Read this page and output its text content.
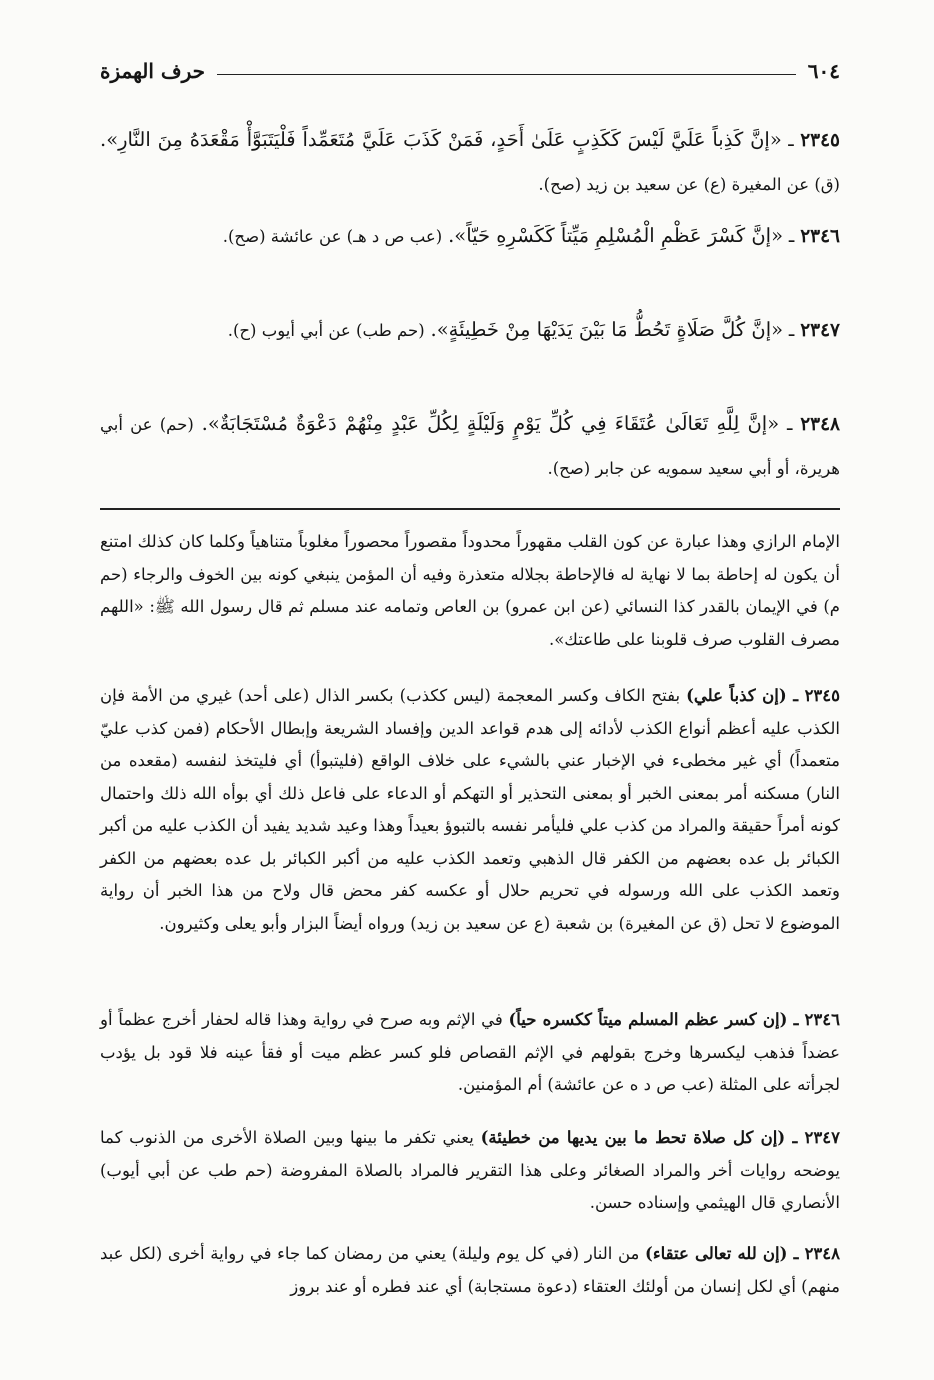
٦٠٤
حرف الهمزة
٢٣٤٥ ـ «إنَّ كَذِباً عَلَيَّ لَيْسَ كَكَذِبٍ عَلَىٰ أَحَدٍ، فَمَنْ كَذَبَ عَلَيَّ مُتَعَمِّداً فَلْيَتَبَوَّأْ مَقْعَدَهُ مِنَ النَّارِ». (ق) عن المغيرة (ع) عن سعيد بن زيد (صح).
٢٣٤٦ ـ «إنَّ كَسْرَ عَظْمِ الْمُسْلِمِ مَيِّتاً كَكَسْرِهِ حَيّاً». (عب ص د هـ) عن عائشة (صح).
٢٣٤٧ ـ «إنَّ كُلَّ صَلَاةٍ تَحُطُّ مَا بَيْنَ يَدَيْهَا مِنْ خَطِيئَةٍ». (حم طب) عن أبي أيوب (ح).
٢٣٤٨ ـ «إنَّ لِلَّهِ تَعَالَىٰ عُتَقَاءَ فِي كُلِّ يَوْمٍ وَلَيْلَةٍ لِكُلِّ عَبْدٍ مِنْهُمْ دَعْوَةٌ مُسْتَجَابَةٌ». (حم) عن أبي هريرة، أو أبي سعيد سمويه عن جابر (صح).
الإمام الرازي وهذا عبارة عن كون القلب مقهوراً محدوداً مقصوراً محصوراً مغلوباً متناهياً وكلما كان كذلك امتنع أن يكون له إحاطة بما لا نهاية له فالإحاطة بجلاله متعذرة وفيه أن المؤمن ينبغي كونه بين الخوف والرجاء (حم م) في الإيمان بالقدر كذا النسائي (عن ابن عمرو) بن العاص وتمامه عند مسلم ثم قال رسول الله ﷺ: «اللهم مصرف القلوب صرف قلوبنا على طاعتك».
٢٣٤٥ ـ (إن كذباً علي) بفتح الكاف وكسر المعجمة (ليس ككذب) بكسر الذال (على أحد) غيري من الأمة فإن الكذب عليه أعظم أنواع الكذب لأدائه إلى هدم قواعد الدين وإفساد الشريعة وإبطال الأحكام (فمن كذب عليّ متعمداً) أي غير مخطىء في الإخبار عني بالشيء على خلاف الواقع (فليتبوأ) أي فليتخذ لنفسه (مقعده من النار) مسكنه أمر بمعنى الخبر أو بمعنى التحذير أو التهكم أو الدعاء على فاعل ذلك أي بوأه الله ذلك واحتمال كونه أمراً حقيقة والمراد من كذب علي فليأمر نفسه بالتبوؤ بعيداً وهذا وعيد شديد يفيد أن الكذب عليه من أكبر الكبائر بل عده بعضهم من الكفر قال الذهبي وتعمد الكذب عليه من أكبر الكبائر بل عده بعضهم من الكفر وتعمد الكذب على الله ورسوله في تحريم حلال أو عكسه كفر محض قال ولاح من هذا الخبر أن رواية الموضوع لا تحل (ق عن المغيرة) بن شعبة (ع عن سعيد بن زيد) ورواه أيضاً البزار وأبو يعلى وكثيرون.
٢٣٤٦ ـ (إن كسر عظم المسلم ميتاً ككسره حياً) في الإثم وبه صرح في رواية وهذا قاله لحفار أخرج عظماً أو عضداً فذهب ليكسرها وخرج بقولهم في الإثم القصاص فلو كسر عظم ميت أو فقأ عينه فلا قود بل يؤدب لجرأته على المثلة (عب ص د ه عن عائشة) أم المؤمنين.
٢٣٤٧ ـ (إن كل صلاة تحط ما بين يديها من خطيئة) يعني تكفر ما بينها وبين الصلاة الأخرى من الذنوب كما يوضحه روايات أخر والمراد الصغائر وعلى هذا التقرير فالمراد بالصلاة المفروضة (حم طب عن أبي أيوب) الأنصاري قال الهيثمي وإسناده حسن.
٢٣٤٨ ـ (إن لله تعالى عتقاء) من النار (في كل يوم وليلة) يعني من رمضان كما جاء في رواية أخرى (لكل عبد منهم) أي لكل إنسان من أولئك العتقاء (دعوة مستجابة) أي عند فطره أو عند بروز
